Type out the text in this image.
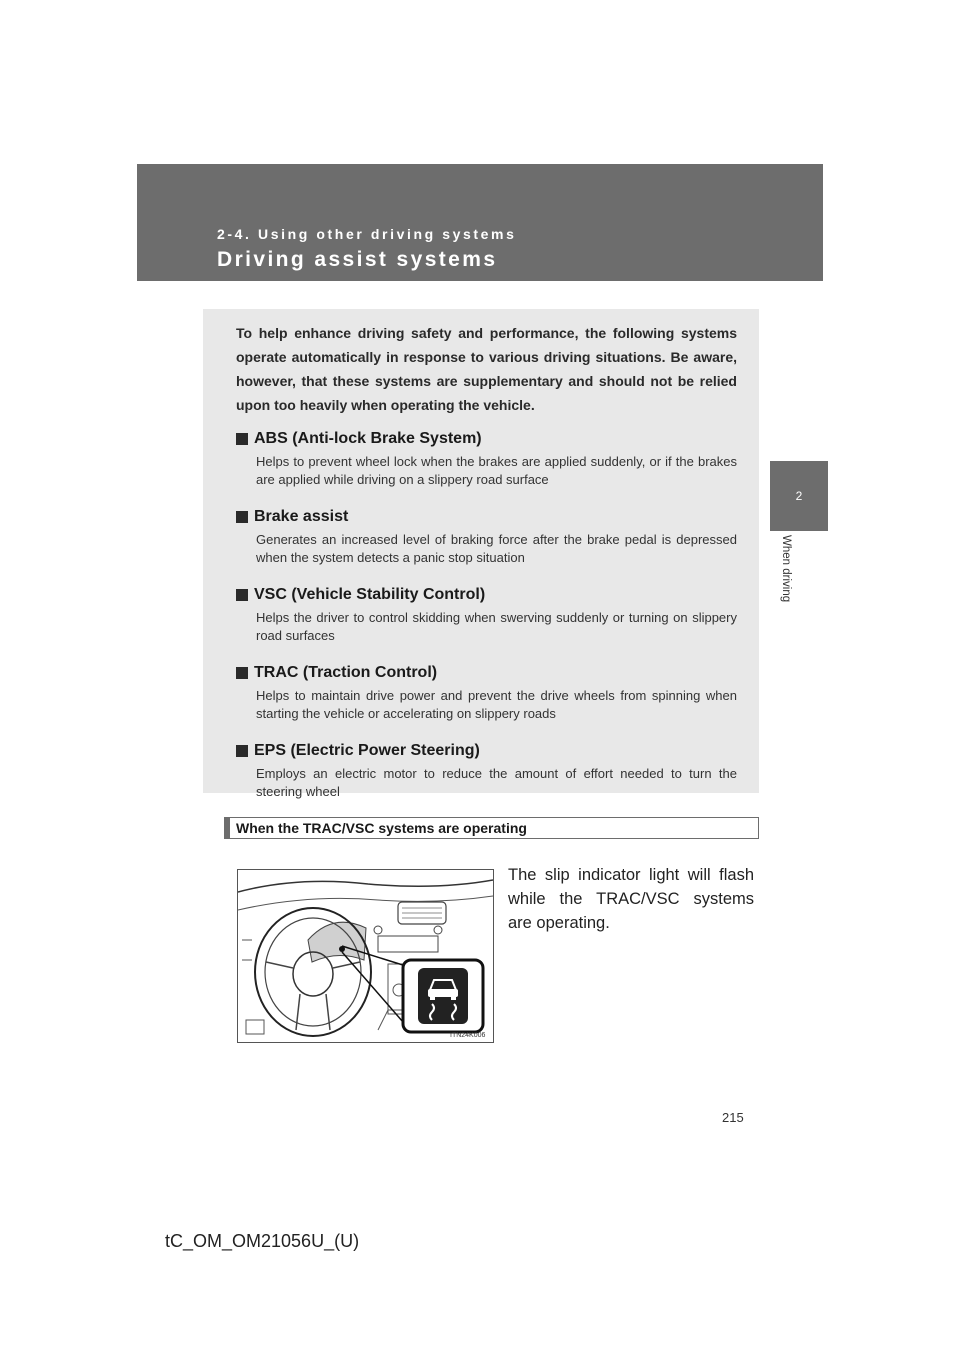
2-4. Using other driving systems

Driving assist systems
2
When driving

To help enhance driving safety and performance, the following systems operate automatically in response to various driving situations. Be aware, however, that these systems are supplementary and should not be relied upon too heavily when operating the vehicle.

ABS (Anti-lock Brake System)

Helps to prevent wheel lock when the brakes are applied suddenly, or if the brakes are applied while driving on a slippery road surface

Brake assist

Generates an increased level of braking force after the brake pedal is depressed when the system detects a panic stop situation

VSC (Vehicle Stability Control)

Helps the driver to control skidding when swerving suddenly or turning on slippery road surfaces

TRAC (Traction Control)

Helps to maintain drive power and prevent the drive wheels from spinning when starting the vehicle or accelerating on slippery roads

EPS (Electric Power Steering)

Employs an electric motor to reduce the amount of effort needed to turn the steering wheel

When the TRAC/VSC systems are operating

The slip indicator light will flash while the TRAC/VSC systems are operating.

ITN24K006
215
tC_OM_OM21056U_(U)
